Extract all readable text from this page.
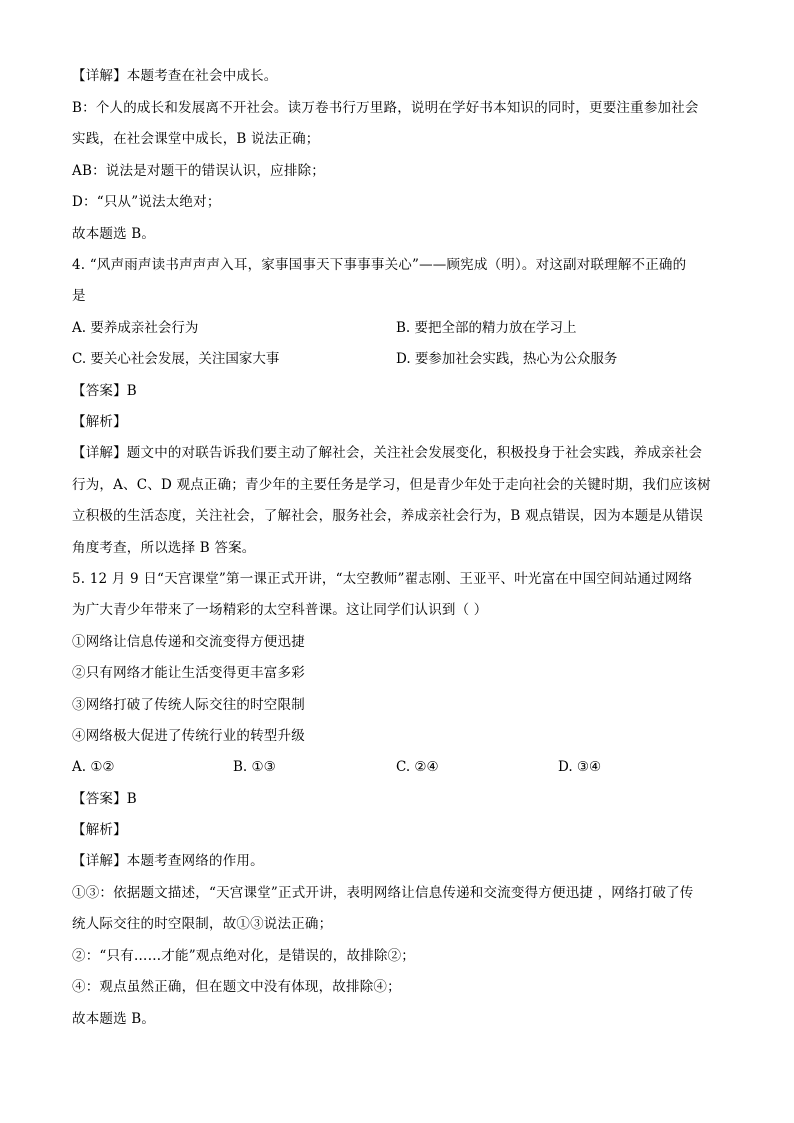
【详解】本题考查在社会中成长。
B：个人的成长和发展离不开社会。读万卷书行万里路，说明在学好书本知识的同时，更要注重参加社会
实践，在社会课堂中成长，B 说法正确；
AB：说法是对题干的错误认识，应排除；
D：“只从”说法太绝对；
故本题选 B。
4. “风声雨声读书声声声入耳，家事国事天下事事事关心”——顾宪成（明）。对这副对联理解不正确的
是
A. 要养成亲社会行为	B. 要把全部的精力放在学习上
C. 要关心社会发展，关注国家大事	D. 要参加社会实践，热心为公众服务
【答案】B
【解析】
【详解】题文中的对联告诉我们要主动了解社会，关注社会发展变化，积极投身于社会实践，养成亲社会
行为，A、C、D 观点正确；青少年的主要任务是学习，但是青少年处于走向社会的关键时期，我们应该树
立积极的生活态度，关注社会，了解社会，服务社会，养成亲社会行为，B 观点错误，因为本题是从错误
角度考查，所以选择 B 答案。
5. 12 月 9 日“天宫课堂”第一课正式开讲，“太空教师”翟志刚、王亚平、叶光富在中国空间站通过网络
为广大青少年带来了一场精彩的太空科普课。这让同学们认识到（ ）
①网络让信息传递和交流变得方便迅捷
②只有网络才能让生活变得更丰富多彩
③网络打破了传统人际交往的时空限制
④网络极大促进了传统行业的转型升级
A. ①②	B. ①③	C. ②④	D. ③④
【答案】B
【解析】
【详解】本题考查网络的作用。
①③：依据题文描述，“天宫课堂”正式开讲，表明网络让信息传递和交流变得方便迅捷 ，网络打破了传
统人际交往的时空限制，故①③说法正确；
②：“只有……才能”观点绝对化，是错误的，故排除②；
④：观点虽然正确，但在题文中没有体现，故排除④；
故本题选 B。
